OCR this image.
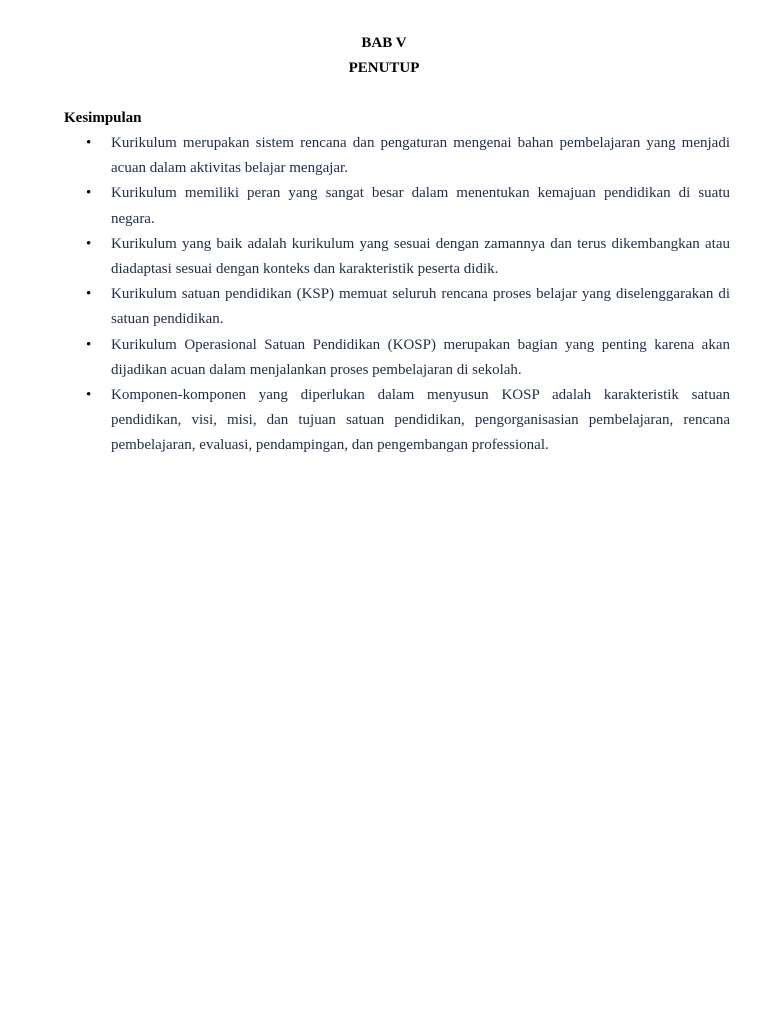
BAB V
PENUTUP
Kesimpulan
• Kurikulum merupakan sistem rencana dan pengaturan mengenai bahan pembelajaran yang menjadi acuan dalam aktivitas belajar mengajar.
• Kurikulum memiliki peran yang sangat besar dalam menentukan kemajuan pendidikan di suatu negara.
• Kurikulum yang baik adalah kurikulum yang sesuai dengan zamannya dan terus dikembangkan atau diadaptasi sesuai dengan konteks dan karakteristik peserta didik.
• Kurikulum satuan pendidikan (KSP) memuat seluruh rencana proses belajar yang diselenggarakan di satuan pendidikan.
• Kurikulum Operasional Satuan Pendidikan (KOSP) merupakan bagian yang penting karena akan dijadikan acuan dalam menjalankan proses pembelajaran di sekolah.
• Komponen-komponen yang diperlukan dalam menyusun KOSP adalah karakteristik satuan pendidikan, visi, misi, dan tujuan satuan pendidikan, pengorganisasian pembelajaran, rencana pembelajaran, evaluasi, pendampingan, dan pengembangan professional.
